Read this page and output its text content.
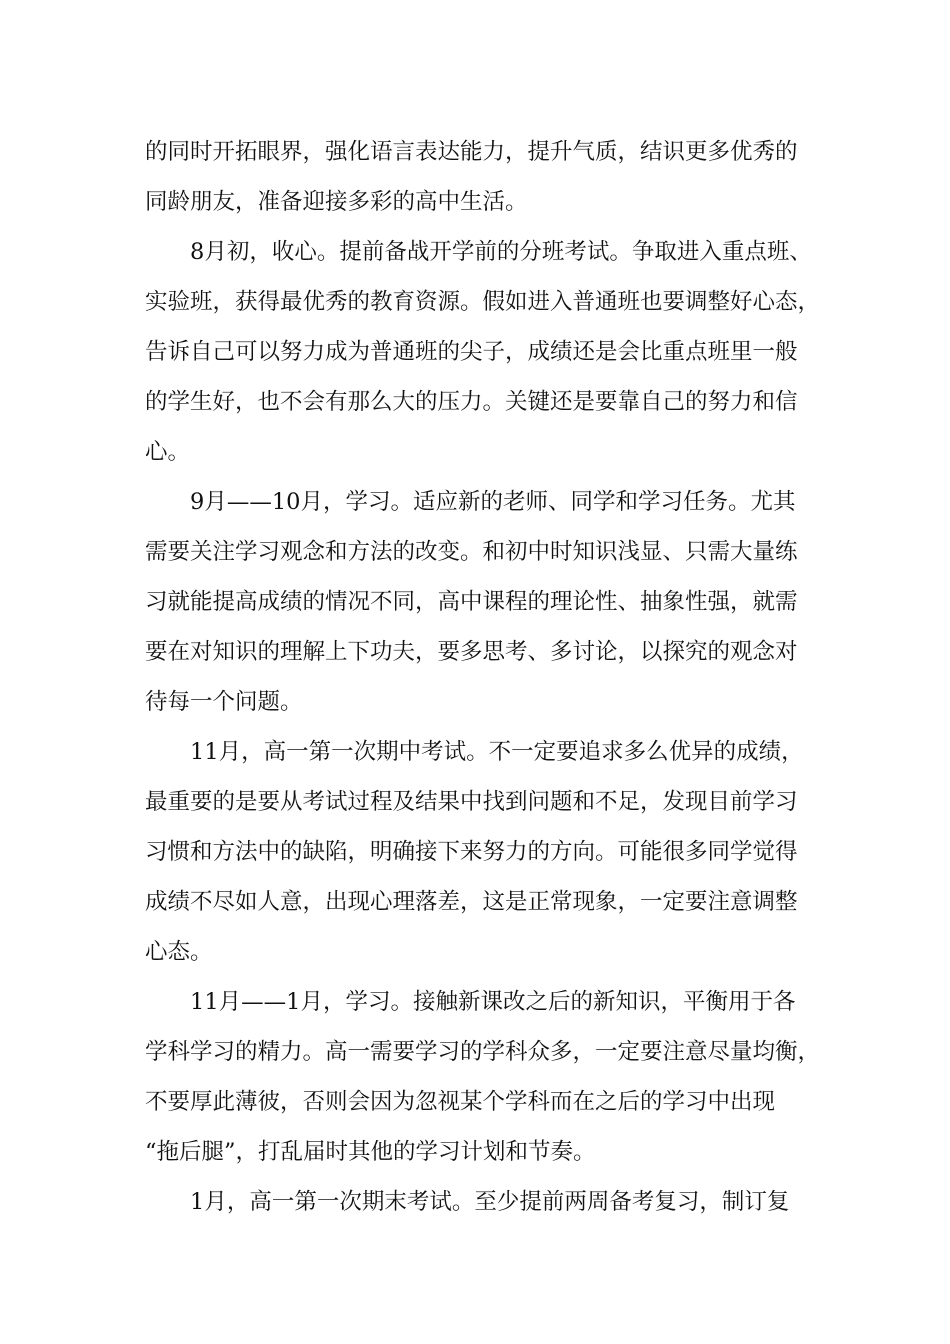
的同时开拓眼界，强化语言表达能力，提升气质，结识更多优秀的
同龄朋友，准备迎接多彩的高中生活。
8月初，收心。提前备战开学前的分班考试。争取进入重点班、
实验班，获得最优秀的教育资源。假如进入普通班也要调整好心态，
告诉自己可以努力成为普通班的尖子，成绩还是会比重点班里一般
的学生好，也不会有那么大的压力。关键还是要靠自己的努力和信
心。
9月——10月，学习。适应新的老师、同学和学习任务。尤其
需要关注学习观念和方法的改变。和初中时知识浅显、只需大量练
习就能提高成绩的情况不同，高中课程的理论性、抽象性强，就需
要在对知识的理解上下功夫，要多思考、多讨论，以探究的观念对
待每一个问题。
11月，高一第一次期中考试。不一定要追求多么优异的成绩，
最重要的是要从考试过程及结果中找到问题和不足，发现目前学习
习惯和方法中的缺陷，明确接下来努力的方向。可能很多同学觉得
成绩不尽如人意，出现心理落差，这是正常现象，一定要注意调整
心态。
11月——1月，学习。接触新课改之后的新知识，平衡用于各
学科学习的精力。高一需要学习的学科众多，一定要注意尽量均衡，
不要厚此薄彼，否则会因为忽视某个学科而在之后的学习中出现
“拖后腿”，打乱届时其他的学习计划和节奏。
1月，高一第一次期末考试。至少提前两周备考复习，制订复
